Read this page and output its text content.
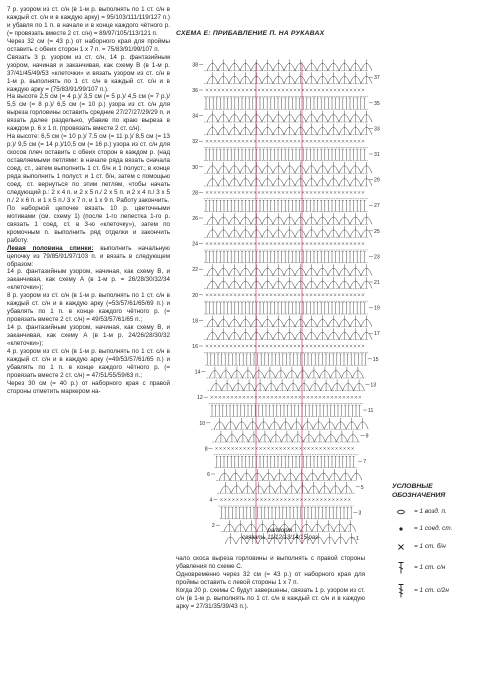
7 р. узором из ст. с/н (в 1-м р. выполнять по 1 ст. с/н в каждый ст. с/н и в каждую арку) = 95/103/111/119/127 п.) и убавля по 1 п. в начале и в конце каждого чётного р. (= провязать вместе 2 ст. с/н) = 89/97/105/113/121 п.

Через 32 см (= 43 р.) от наборного края для проймы оставить с обеих сторон 1 х 7 п. = 75/83/91/99/107 п.

Связать 3 р. узором из ст. с/н, 14 р. фантазийным узором, начиная и заканчивая, как схему В (в 1-м р. 37/41/45/49/53 «клеточки» и вязать узором из ст. с/н в 1-м р. выполнять по 1 ст. с/н в каждый ст. с/н и в каждую арку = (75/83/91/99/107 п.).

На высоте 2,5 см (= 4 р.)/ 3,5 см (= 5 р.)/ 4,5 см (= 7 р.)/ 5,5 см (= 8 р.)/ 6,5 см (= 10 р.) узора из ст. с/н для выреза горловины оставить средние 27/27/27/29/29 п. и вязать далее раздельно, убавив по краю выреза в каждом р. 6 х 1 п. (провязать вместе 2 ст. с/н).

На высоте: 6,5 см (= 10 р.)/ 7,5 см (= 11 р.)/ 8,5 см (= 13 р.)/ 9,5 см (= 14 р.)/10,5 см (= 16 р.) узора из ст. с/н для скосов плеч оставить с обеих сторон в каждом р. (над оставляемыми петлями: в начале ряда вязать сначала соед. ст., затем выполнить 1 ст. б/н и 1 полуст.; в конце ряда выполнить 1 полуст. и 1 ст. б/н, затем с помощью соед. ст. вернуться по этим петлям, чтобы начать следующий р.: 2 х 4 п. и 2 х 5 п./ 2 х 5 п. и 2 х 4 п./ 3 х 5 п./ 2 х 6 п. и 1 х 5 п./ 3 х 7 п. и 1 х 9 п. Работу закончить.

По наборной цепочке вязать 10 р. цветочными мотивами (см. схему 1) (после 1-го лепестка 1-го р. связать 1 соед. ст. в 3-ю «клеточку»), затем по кромочным п. выполнить ряд отделки и закончить работу.

Левая половина спинки: выполнить начальную цепочку из 79/85/91/97/103 п. и вязать в следующем образом:

14 р. фантазийным узором, начиная, как схему В, и заканчивая, как схему А (в 1-м р. = 26/28/30/32/34 «клеточки»);

8 р. узором из ст. с/н (в 1-м р. выполнять по 1 ст. с/н в каждый ст. с/н и в каждую арку (=53/57/61/65/69 п.) и убавлять по 1 п. в конце каждого чётного р. (= провязать вместе 2 ст. с/н) = 49/53/57/61/65 п.;

14 р. фантазийным узором, начиная, как схему В, и заканчивая, как схему А (в 1-м р. 24/26/28/30/32 «клеточки»);

4 р. узором из ст. с/н (в 1-м р. выполнять по 1 ст. с/н в каждый ст. с/н и в каждую арку (=49/53/57/61/65 п.) и убавлять по 1 п. в конце каждого чётного р. (= провязать вместе 2 ст. с/н) = 47/51/55/59/63 п.;

Через 30 см (= 40 р.) от наборного края с правой стороны отметить маркером на-

СХЕМА Е: ПРИБАВЛЕНИЕ П. НА РУКАВАХ
38
37
36
35
34
33
32
31
30
29
28
27
26
25
24
23
22
21
20
19
18
17
16
15
14
13
12
11
10
9
8
7
6
5
4
3
2
1
раппорт
связать 11/12/13/14/15 раз
УСЛОВНЫЕ
ОБОЗНАЧЕНИЯ
= 1 возд. п.
= 1 соед. ст.
= 1 ст. б/н
= 1 ст. с/н
= 1 ст. с/2н

чало скоса выреза горловины и выполнять с правой стороны убавления по схеме С.

Одновременно через 32 см (= 43 р.) от наборного края для проймы оставить с левой стороны 1 х 7 п.

Когда 20 р. схемы С будут завершены, связать 1 р. узором из ст. с/н (в 1-м р. выполнять по 1 ст. с/н в каждый ст. с/н и в каждую арку = 27/31/35/39/43 п.).
